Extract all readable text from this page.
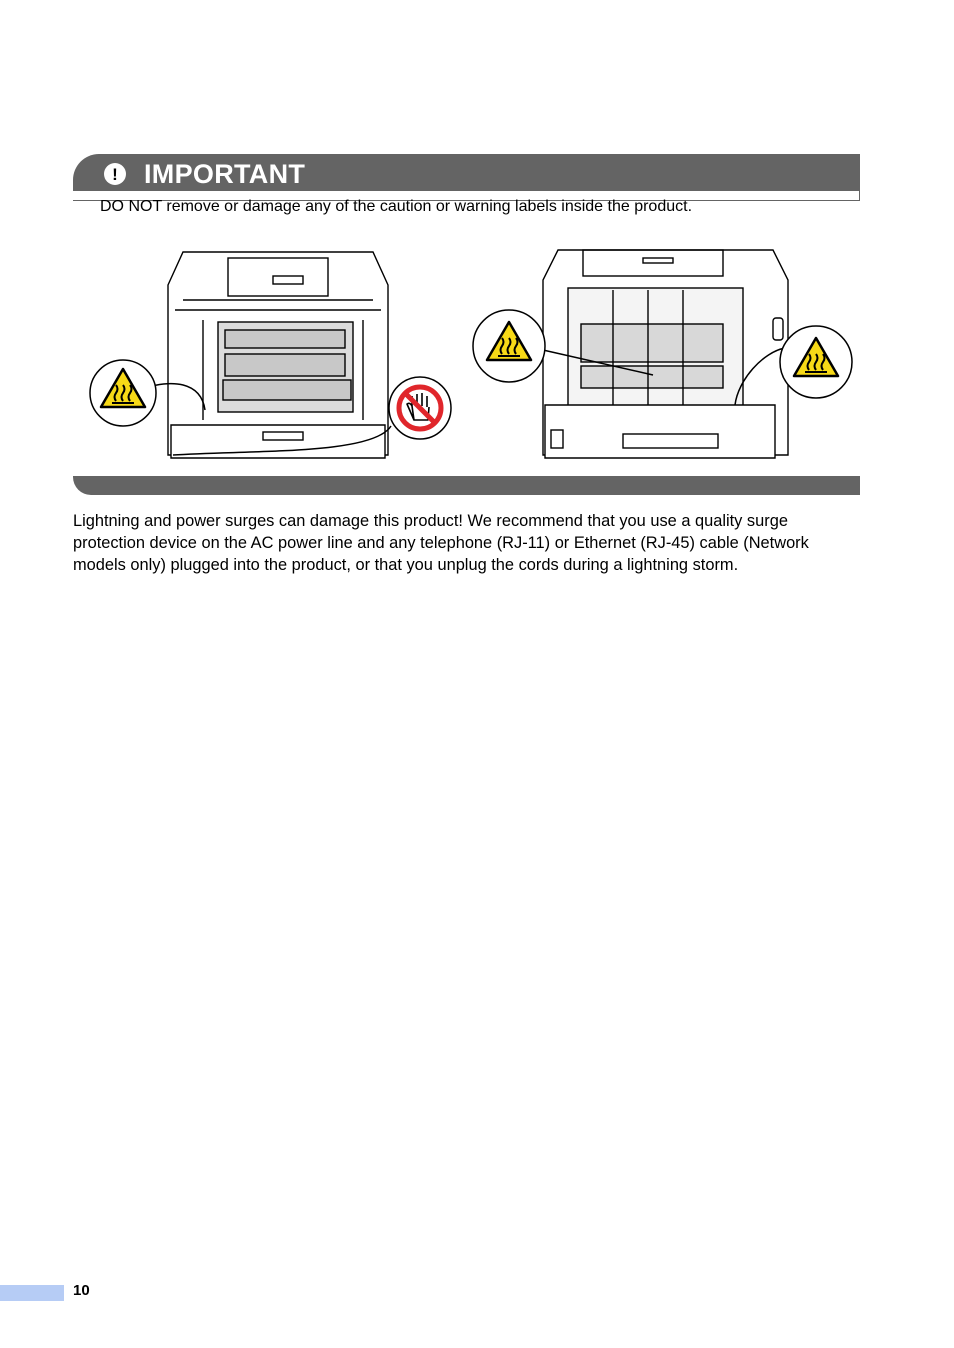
! IMPORTANT
DO NOT remove or damage any of the caution or warning labels inside the product.
Lightning and power surges can damage this product! We recommend that you use a quality surge protection device on the AC power line and any telephone (RJ-11) or Ethernet (RJ-45) cable (Network models only) plugged into the product, or that you unplug the cords during a lightning storm.
10
